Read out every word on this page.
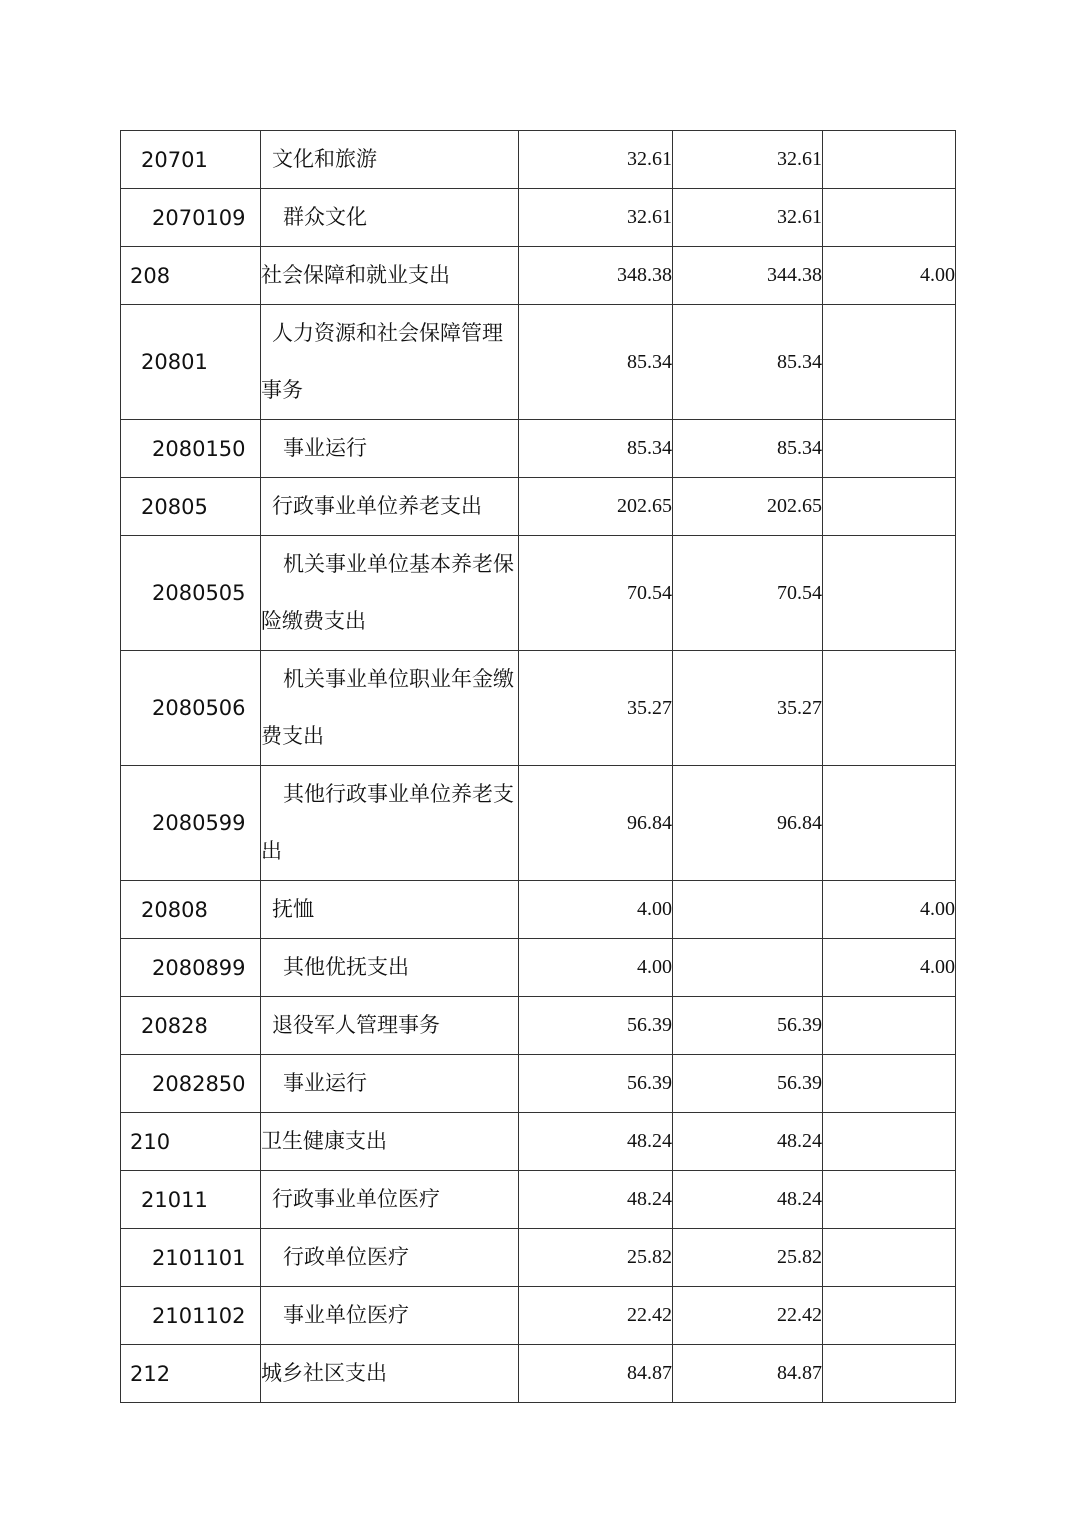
20701	文化和旅游	32.61	32.61	
2070109	群众文化	32.61	32.61	
208	社会保障和就业支出	348.38	344.38	4.00
20801	人力资源和社会保障管理事务	85.34	85.34	
2080150	事业运行	85.34	85.34	
20805	行政事业单位养老支出	202.65	202.65	
2080505	机关事业单位基本养老保险缴费支出	70.54	70.54	
2080506	机关事业单位职业年金缴费支出	35.27	35.27	
2080599	其他行政事业单位养老支出	96.84	96.84	
20808	抚恤	4.00		4.00
2080899	其他优抚支出	4.00		4.00
20828	退役军人管理事务	56.39	56.39	
2082850	事业运行	56.39	56.39	
210	卫生健康支出	48.24	48.24	
21011	行政事业单位医疗	48.24	48.24	
2101101	行政单位医疗	25.82	25.82	
2101102	事业单位医疗	22.42	22.42	
212	城乡社区支出	84.87	84.87	
